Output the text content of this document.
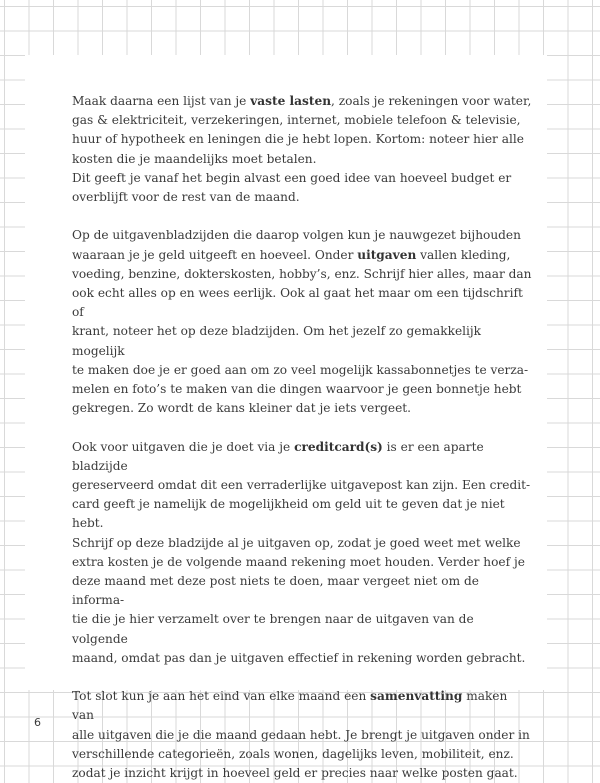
Maak daarna een lijst van je vaste lasten, zoals je rekeningen voor water,
gas & elektriciteit, verzekeringen, internet, mobiele telefoon & televisie,
huur of hypotheek en leningen die je hebt lopen. Kortom: noteer hier alle
kosten die je maandelijks moet betalen.
Dit geeft je vanaf het begin alvast een goed idee van hoeveel budget er
overblijft voor de rest van de maand.

Op de uitgavenbladzijden die daarop volgen kun je nauwgezet bijhouden
waaraan je je geld uitgeeft en hoeveel. Onder uitgaven vallen kleding,
voeding, benzine, dokterskosten, hobby’s, enz. Schrijf hier alles, maar dan
ook echt alles op en wees eerlijk. Ook al gaat het maar om een tijdschrift of
krant, noteer het op deze bladzijden. Om het jezelf zo gemakkelijk mogelijk
te maken doe je er goed aan om zo veel mogelijk kassabonnetjes te verza-
melen en foto’s te maken van die dingen waarvoor je geen bonnetje hebt
gekregen. Zo wordt de kans kleiner dat je iets vergeet.

Ook voor uitgaven die je doet via je creditcard(s) is er een aparte bladzijde
gereserveerd omdat dit een verraderlijke uitgavepost kan zijn. Een credit-
card geeft je namelijk de mogelijkheid om geld uit te geven dat je niet hebt.
Schrijf op deze bladzijde al je uitgaven op, zodat je goed weet met welke
extra kosten je de volgende maand rekening moet houden. Verder hoef je
deze maand met deze post niets te doen, maar vergeet niet om de informa-
tie die je hier verzamelt over te brengen naar de uitgaven van de volgende
maand, omdat pas dan je uitgaven effectief in rekening worden gebracht.

Tot slot kun je aan het eind van elke maand een samenvatting maken van
alle uitgaven die je die maand gedaan hebt. Je brengt je uitgaven onder in
verschillende categorieën, zoals wonen, dagelijks leven, mobiliteit, enz.
zodat je inzicht krijgt in hoeveel geld er precies naar welke posten gaat.

6
